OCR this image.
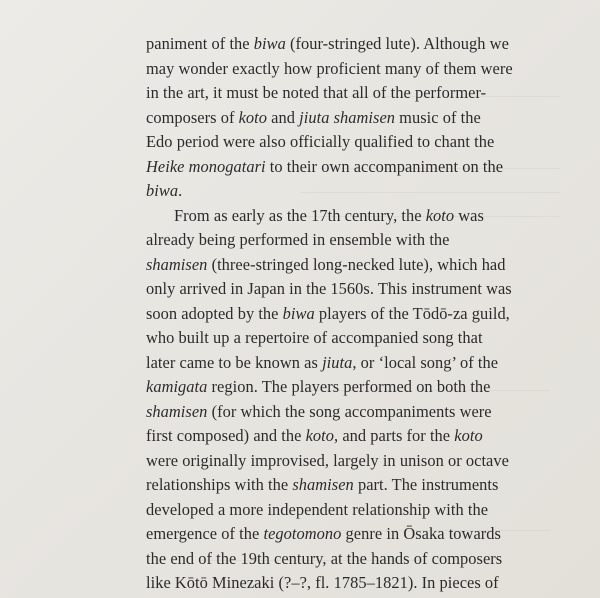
paniment of the biwa (four-stringed lute). Although we
may wonder exactly how proficient many of them were
in the art, it must be noted that all of the performer-
composers of koto and jiuta shamisen music of the
Edo period were also officially qualified to chant the
Heike monogatari to their own accompaniment on the
biwa.
From as early as the 17th century, the koto was
already being performed in ensemble with the
shamisen (three-stringed long-necked lute), which had
only arrived in Japan in the 1560s. This instrument was
soon adopted by the biwa players of the Tōdō-za guild,
who built up a repertoire of accompanied song that
later came to be known as jiuta, or ‘local song’ of the
kamigata region. The players performed on both the
shamisen (for which the song accompaniments were
first composed) and the koto, and parts for the koto
were originally improvised, largely in unison or octave
relationships with the shamisen part. The instruments
developed a more independent relationship with the
emergence of the tegotomono genre in Ōsaka towards
the end of the 19th century, at the hands of composers
like Kōtō Minezaki (?–?, fl. 1785–1821). In pieces of
